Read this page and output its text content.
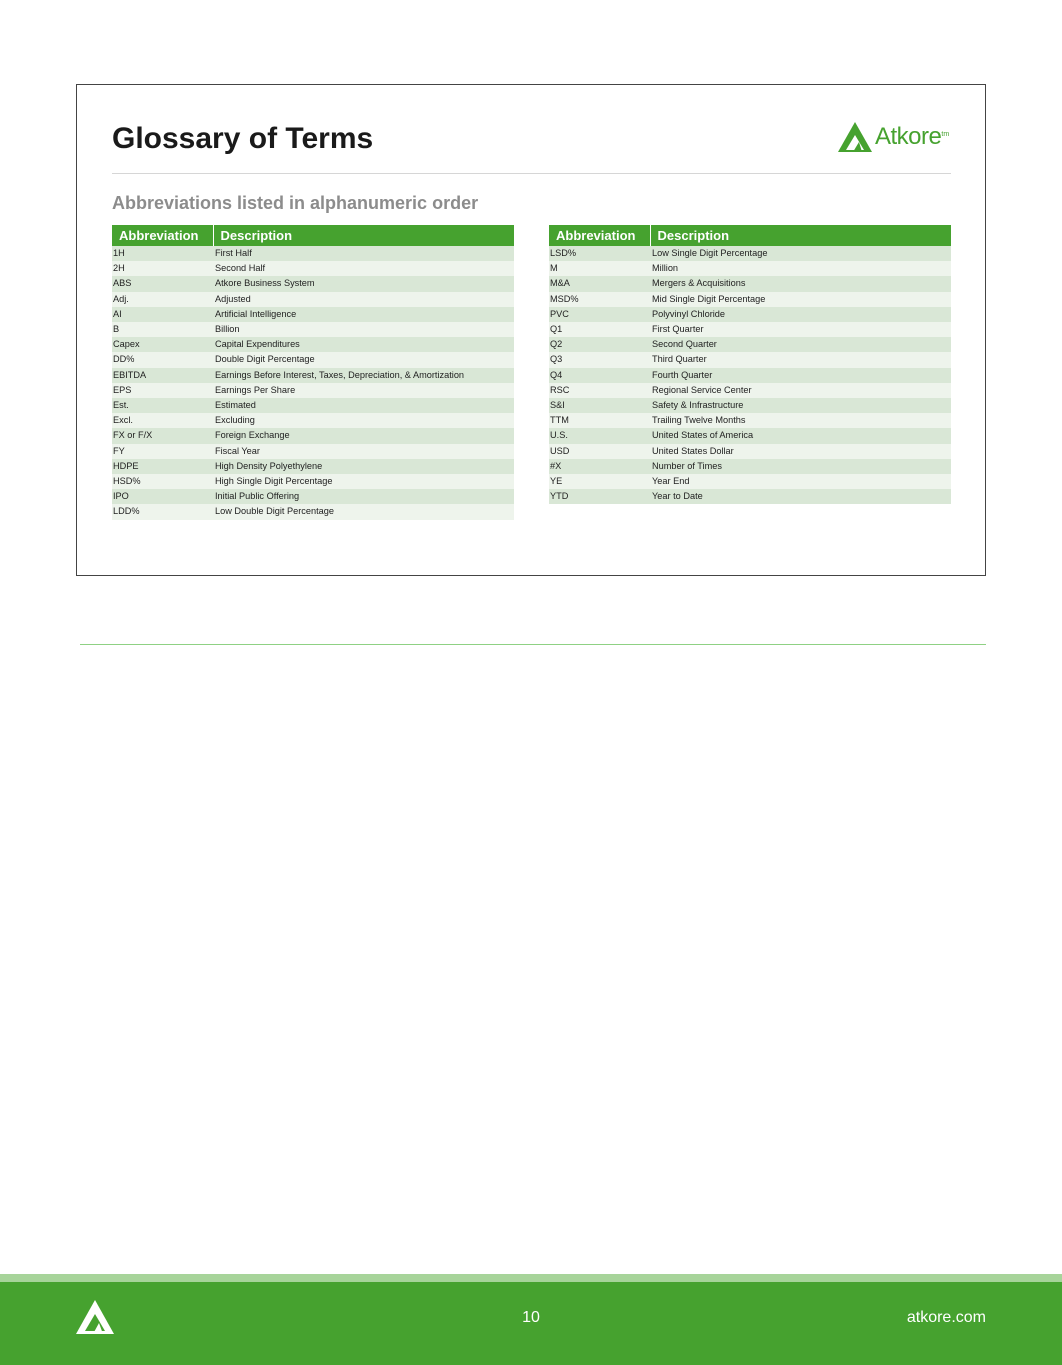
Glossary of Terms	Atkore tm
Abbreviations listed in alphanumeric order
Abbreviation	Description
1H	First Half
2H	Second Half
ABS	Atkore Business System
Adj.	Adjusted
AI	Artificial Intelligence
B	Billion
Capex	Capital Expenditures
DD%	Double Digit Percentage
EBITDA	Earnings Before Interest, Taxes, Depreciation, & Amortization
EPS	Earnings Per Share
Est.	Estimated
Excl.	Excluding
FX or F/X	Foreign Exchange
FY	Fiscal Year
HDPE	High Density Polyethylene
HSD%	High Single Digit Percentage
IPO	Initial Public Offering
LDD%	Low Double Digit Percentage
Abbreviation	Description
LSD%	Low Single Digit Percentage
M	Million
M&A	Mergers & Acquisitions
MSD%	Mid Single Digit Percentage
PVC	Polyvinyl Chloride
Q1	First Quarter
Q2	Second Quarter
Q3	Third Quarter
Q4	Fourth Quarter
RSC	Regional Service Center
S&I	Safety & Infrastructure
TTM	Trailing Twelve Months
U.S.	United States of America
USD	United States Dollar
#X	Number of Times
YE	Year End
YTD	Year to Date
10	atkore.com
